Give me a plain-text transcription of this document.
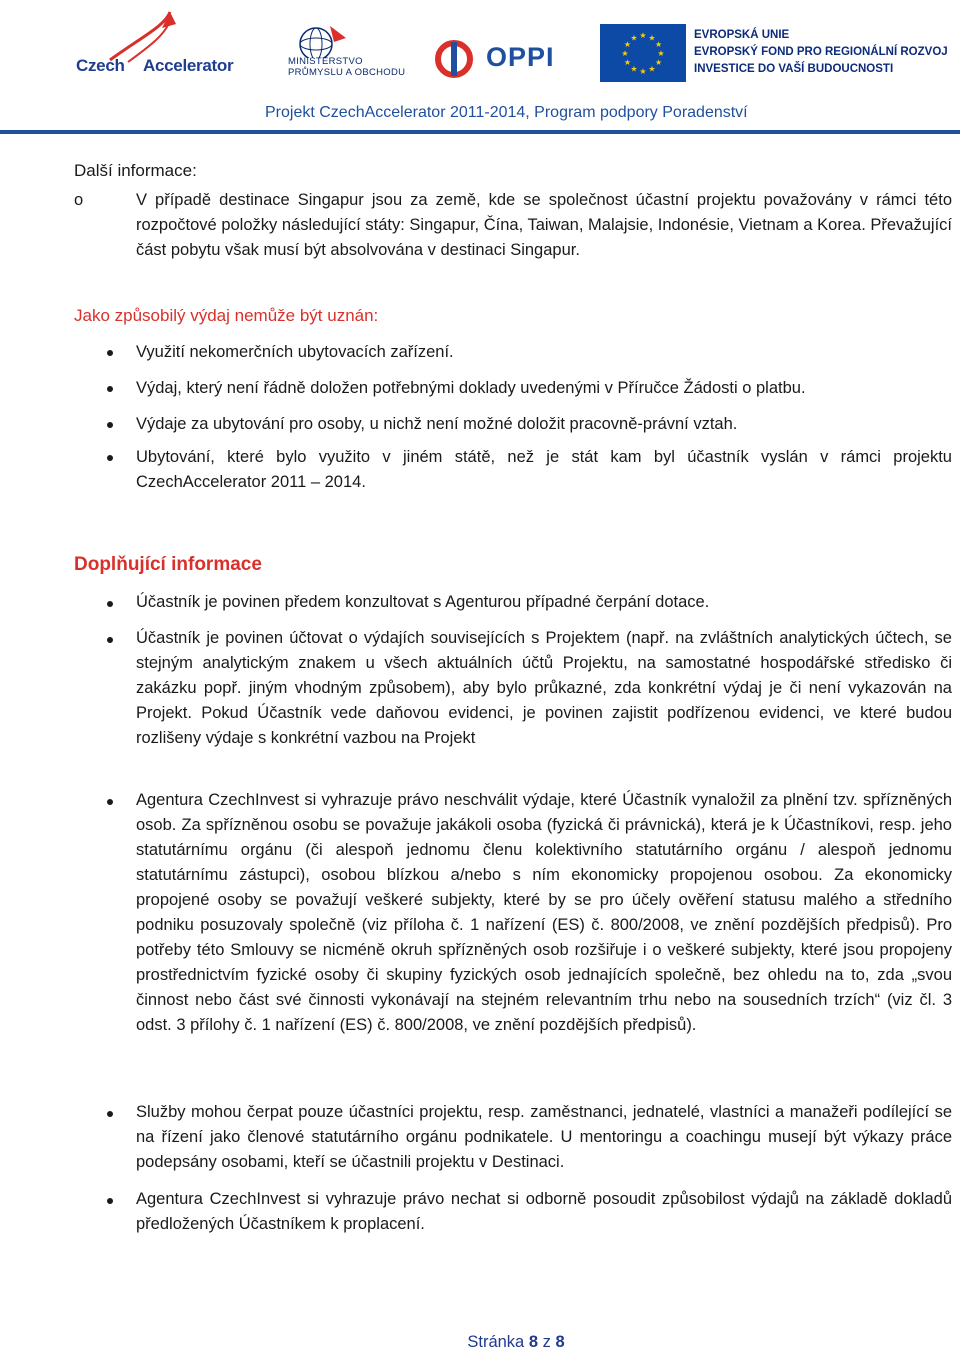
Czech Accelerator	MINISTERSTVO
PRŮMYSLU A OBCHODU
OPPI
★ ★
★
★
★
★
★
★
★
★
★
★	EVROPSKÁ UNIE
EVROPSKÝ FOND PRO REGIONÁLNÍ ROZVOJ
INVESTICE DO VAŠÍ BUDOUCNOSTI
Projekt CzechAccelerator 2011-2014, Program podpory Poradenství
Další informace:
o	V případě destinace Singapur jsou za země, kde se společnost účastní projektu považovány v rámci této rozpočtové položky následující státy: Singapur, Čína, Taiwan, Malajsie, Indonésie, Vietnam a Korea. Převažující část pobytu však musí být absolvována v destinaci Singapur.
Jako způsobilý výdaj nemůže být uznán:
Využití nekomerčních ubytovacích zařízení.
Výdaj, který není řádně doložen potřebnými doklady uvedenými v Příručce Žádosti o platbu.
Výdaje za ubytování pro osoby, u nichž není možné doložit pracovně-právní vztah.
Ubytování, které bylo využito v jiném státě, než je stát kam byl účastník vyslán v rámci projektu CzechAccelerator 2011 – 2014.
Doplňující informace
Účastník je povinen předem konzultovat s Agenturou případné čerpání dotace.
Účastník je povinen účtovat o výdajích souvisejících s Projektem (např. na zvláštních analytických účtech, se stejným analytickým znakem u všech aktuálních účtů Projektu, na samostatné hospodářské středisko či zakázku popř. jiným vhodným způsobem), aby bylo průkazné, zda konkrétní výdaj je či není vykazován na Projekt. Pokud Účastník vede daňovou evidenci, je povinen zajistit podřízenou evidenci, ve které budou rozlišeny výdaje s konkrétní vazbou na Projekt
Agentura CzechInvest si vyhrazuje právo neschválit výdaje, které Účastník vynaložil za plnění tzv. spřízněných osob. Za spřízněnou osobu se považuje jakákoli osoba (fyzická či právnická), která je k Účastníkovi, resp. jeho statutárnímu orgánu (či alespoň jednomu členu kolektivního statutárního orgánu / alespoň jednomu statutárnímu zástupci), osobou blízkou a/nebo s ním ekonomicky propojenou osobou. Za ekonomicky propojené osoby se považují veškeré subjekty, které by se pro účely ověření statusu malého a středního podniku posuzovaly společně (viz příloha č. 1 nařízení (ES) č. 800/2008, ve znění pozdějších předpisů). Pro potřeby této Smlouvy se nicméně okruh spřízněných osob rozšiřuje i o veškeré subjekty, které jsou propojeny prostřednictvím fyzické osoby či skupiny fyzických osob jednajících společně, bez ohledu na to, zda „svou činnost nebo část své činnosti vykonávají na stejném relevantním trhu nebo na sousedních trzích“ (viz čl. 3 odst. 3 přílohy č. 1 nařízení (ES) č. 800/2008, ve znění pozdějších předpisů).
Služby mohou čerpat pouze účastníci projektu, resp. zaměstnanci, jednatelé, vlastníci a manažeři podílející se na řízení jako členové statutárního orgánu podnikatele. U mentoringu a coachingu musejí být výkazy práce podepsány osobami, kteří se účastnili projektu v Destinaci.
Agentura CzechInvest si vyhrazuje právo nechat si odborně posoudit způsobilost výdajů na základě dokladů předložených Účastníkem k proplacení.
Stránka 8 z 8
